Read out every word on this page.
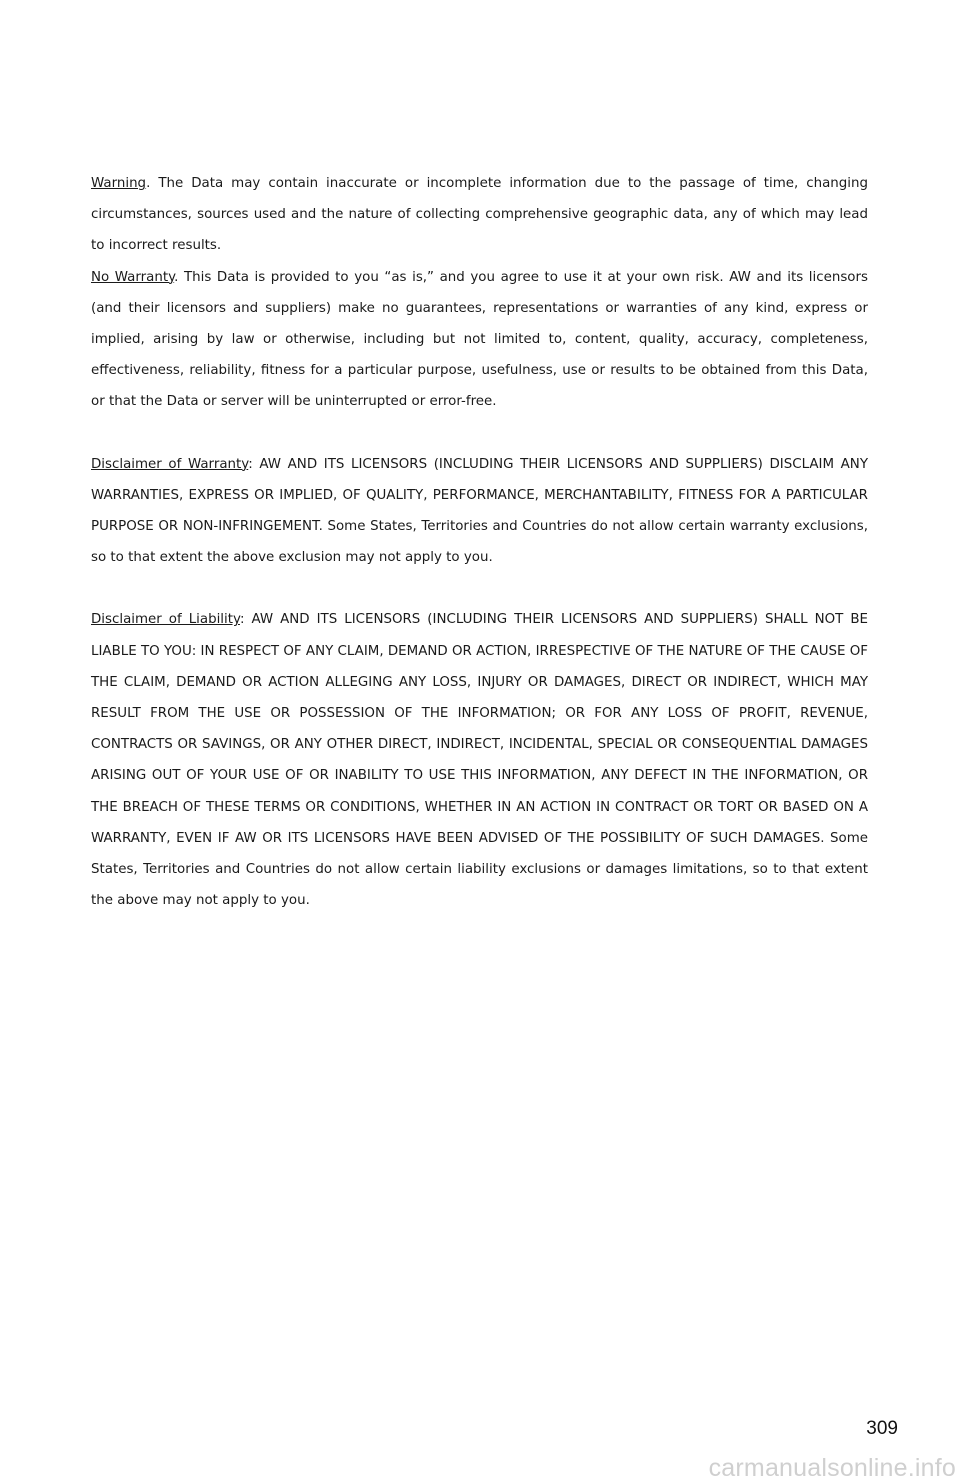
Warning. The Data may contain inaccurate or incomplete information due to the passage of time, changing circumstances, sources used and the nature of collecting comprehensive geographic data, any of which may lead to incorrect results.

No Warranty. This Data is provided to you “as is,” and you agree to use it at your own risk. AW and its licensors (and their licensors and suppliers) make no guarantees, representations or warranties of any kind, express or implied, arising by law or otherwise, including but not limited to, content, quality, accuracy, completeness, effectiveness, reliability, fitness for a particular purpose, usefulness, use or results to be obtained from this Data, or that the Data or server will be uninterrupted or error-free.

Disclaimer of Warranty: AW AND ITS LICENSORS (INCLUDING THEIR LICENSORS AND SUPPLIERS) DISCLAIM ANY WARRANTIES, EXPRESS OR IMPLIED, OF QUALITY, PERFORMANCE, MERCHANTABILITY, FITNESS FOR A PARTICULAR PURPOSE OR NON-INFRINGEMENT. Some States, Territories and Countries do not allow certain warranty exclusions, so to that extent the above exclusion may not apply to you.

Disclaimer of Liability: AW AND ITS LICENSORS (INCLUDING THEIR LICENSORS AND SUPPLIERS) SHALL NOT BE LIABLE TO YOU: IN RESPECT OF ANY CLAIM, DEMAND OR ACTION, IRRESPECTIVE OF THE NATURE OF THE CAUSE OF THE CLAIM, DEMAND OR ACTION ALLEGING ANY LOSS, INJURY OR DAMAGES, DIRECT OR INDIRECT, WHICH MAY RESULT FROM THE USE OR POSSESSION OF THE INFORMATION; OR FOR ANY LOSS OF PROFIT, REVENUE, CONTRACTS OR SAVINGS, OR ANY OTHER DIRECT, INDIRECT, INCIDENTAL, SPECIAL OR CONSEQUENTIAL DAMAGES ARISING OUT OF YOUR USE OF OR INABILITY TO USE THIS INFORMATION, ANY DEFECT IN THE INFORMATION, OR THE BREACH OF THESE TERMS OR CONDITIONS, WHETHER IN AN ACTION IN CONTRACT OR TORT OR BASED ON A WARRANTY, EVEN IF AW OR ITS LICENSORS HAVE BEEN ADVISED OF THE POSSIBILITY OF SUCH DAMAGES. Some States, Territories and Countries do not allow certain liability exclusions or damages limitations, so to that extent the above may not apply to you.

309
carmanualsonline.info
